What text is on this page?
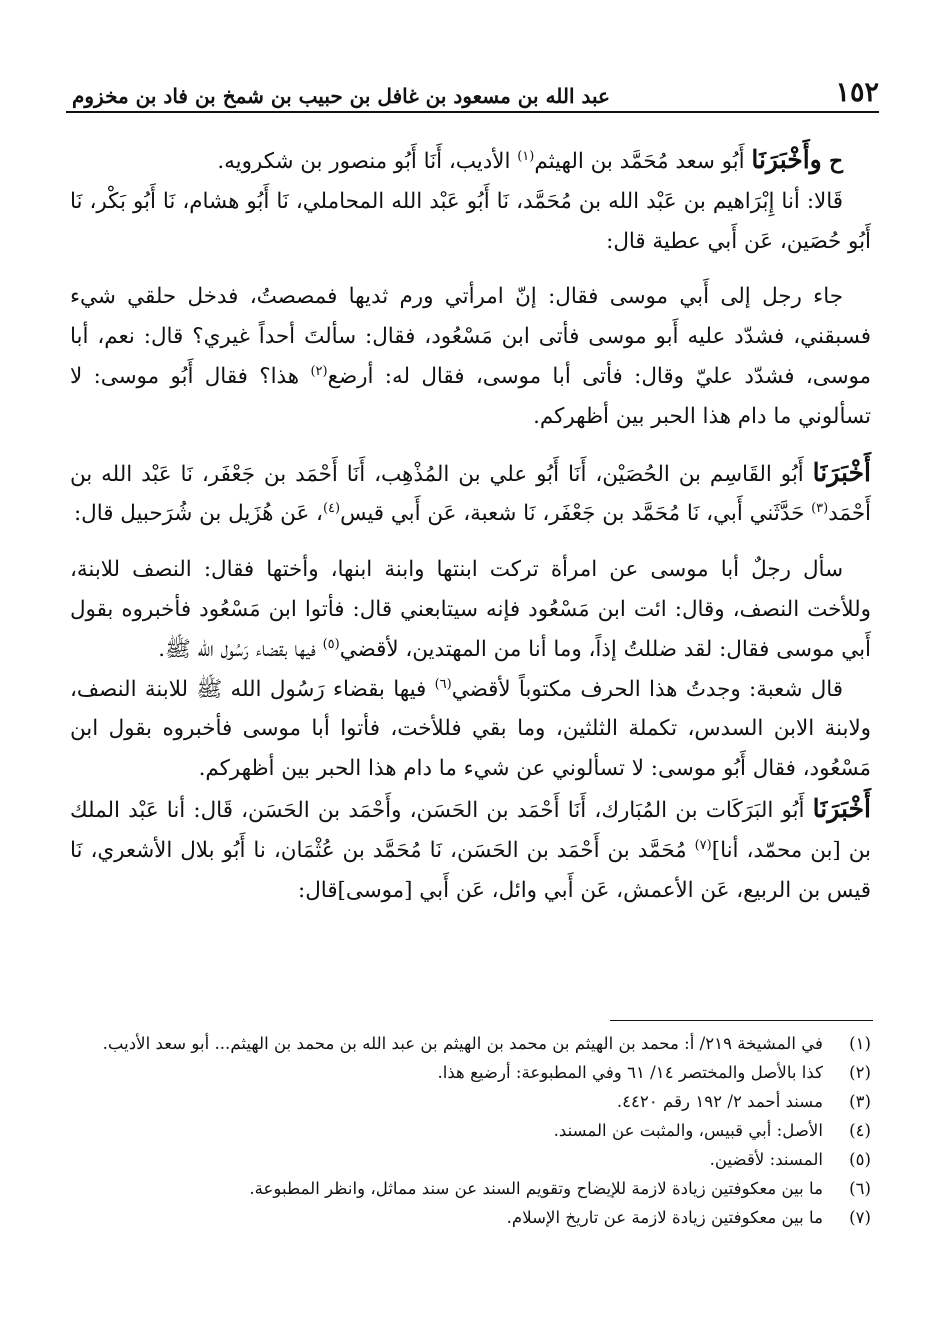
١٥٢
عبد الله بن مسعود بن غافل بن حبيب بن شمخ بن فاد بن مخزوم

ح وأَخْبَرَنَا أَبُو سعد مُحَمَّد بن الهيثم$^{(١)}$ الأديب، أَنَا أَبُو منصور بن شكرويه.

قَالا: أنا إِبْرَاهيم بن عَبْد الله بن مُحَمَّد، نَا أَبُو عَبْد الله المحاملي، نَا أَبُو هشام، نَا أَبُو بَكْر، نَا أَبُو حُصَين، عَن أَبي عطية قال:

جاء رجل إلى أَبي موسى فقال: إنّ امرأتي ورم ثديها فمصصتُ، فدخل حلقي شيء فسبقني، فشدّد عليه أَبو موسى فأتى ابن مَسْعُود، فقال: سألتَ أحداً غيري؟ قال: نعم، أبا موسى، فشدّد عليّ وقال: فأتى أبا موسى، فقال له: أرضع$^{(٢)}$ هذا؟ فقال أَبُو موسى: لا تسألوني ما دام هذا الحبر بين أظهركم.

أَخْبَرَنَا أَبُو القَاسِم بن الحُصَيْن، أَنَا أَبُو علي بن المُذْهِب، أَنَا أَحْمَد بن جَعْفَر، نَا عَبْد الله بن أَحْمَد$^{(٣)}$ حَدَّثَني أَبي، نَا مُحَمَّد بن جَعْفَر، نَا شعبة، عَن أَبي قيس$^{(٤)}$، عَن هُزَيل بن شُرَحبيل قال:

سأل رجلٌ أبا موسى عن امرأة تركت ابنتها وابنة ابنها، وأختها فقال: النصف للابنة، وللأخت النصف، وقال: ائت ابن مَسْعُود فإنه سيتابعني قال: فأتوا ابن مَسْعُود فأخبروه بقول أَبي موسى فقال: لقد ضللتُ إذاً، وما أنا من المهتدين، لأقضي$^{(٥)}$ فيها بقضاء رَسُول الله ﷺ.

قال شعبة: وجدتُ هذا الحرف مكتوباً لأقضي$^{(٦)}$ فيها بقضاء رَسُول الله ﷺ للابنة النصف، ولابنة الابن السدس، تكملة الثلثين، وما بقي فللأخت، فأتوا أبا موسى فأخبروه بقول ابن مَسْعُود، فقال أَبُو موسى: لا تسألوني عن شيء ما دام هذا الحبر بين أظهركم.

أَخْبَرَنَا أَبُو البَرَكَات بن المُبَارك، أَنَا أَحْمَد بن الحَسَن، وأَحْمَد بن الحَسَن، قَال: أنا عَبْد الملك بن [بن محمّد، أنا]$^{(٧)}$ مُحَمَّد بن أَحْمَد بن الحَسَن، نَا مُحَمَّد بن عُثْمَان، نا أَبُو بلال الأشعري، نَا قيس بن الربيع، عَن الأعمش، عَن أَبي وائل، عَن أَبي [موسى]قال:

(١)
في المشيخة ٢١٩/ أ: محمد بن الهيثم بن محمد بن الهيثم بن عبد الله بن محمد بن الهيثم... أبو سعد الأديب.
(٢)
كذا بالأصل والمختصر ١٤/ ٦١ وفي المطبوعة: أرضيع هذا.
(٣)
مسند أحمد ٢/ ١٩٢ رقم ٤٤٢٠.
(٤)
الأصل: أبي قبيس، والمثبت عن المسند.
(٥)
المسند: لأقضين.
(٦)
ما بين معكوفتين زيادة لازمة للإيضاح وتقويم السند عن سند مماثل، وانظر المطبوعة.
(٧)
ما بين معكوفتين زيادة لازمة عن تاريخ الإسلام.
